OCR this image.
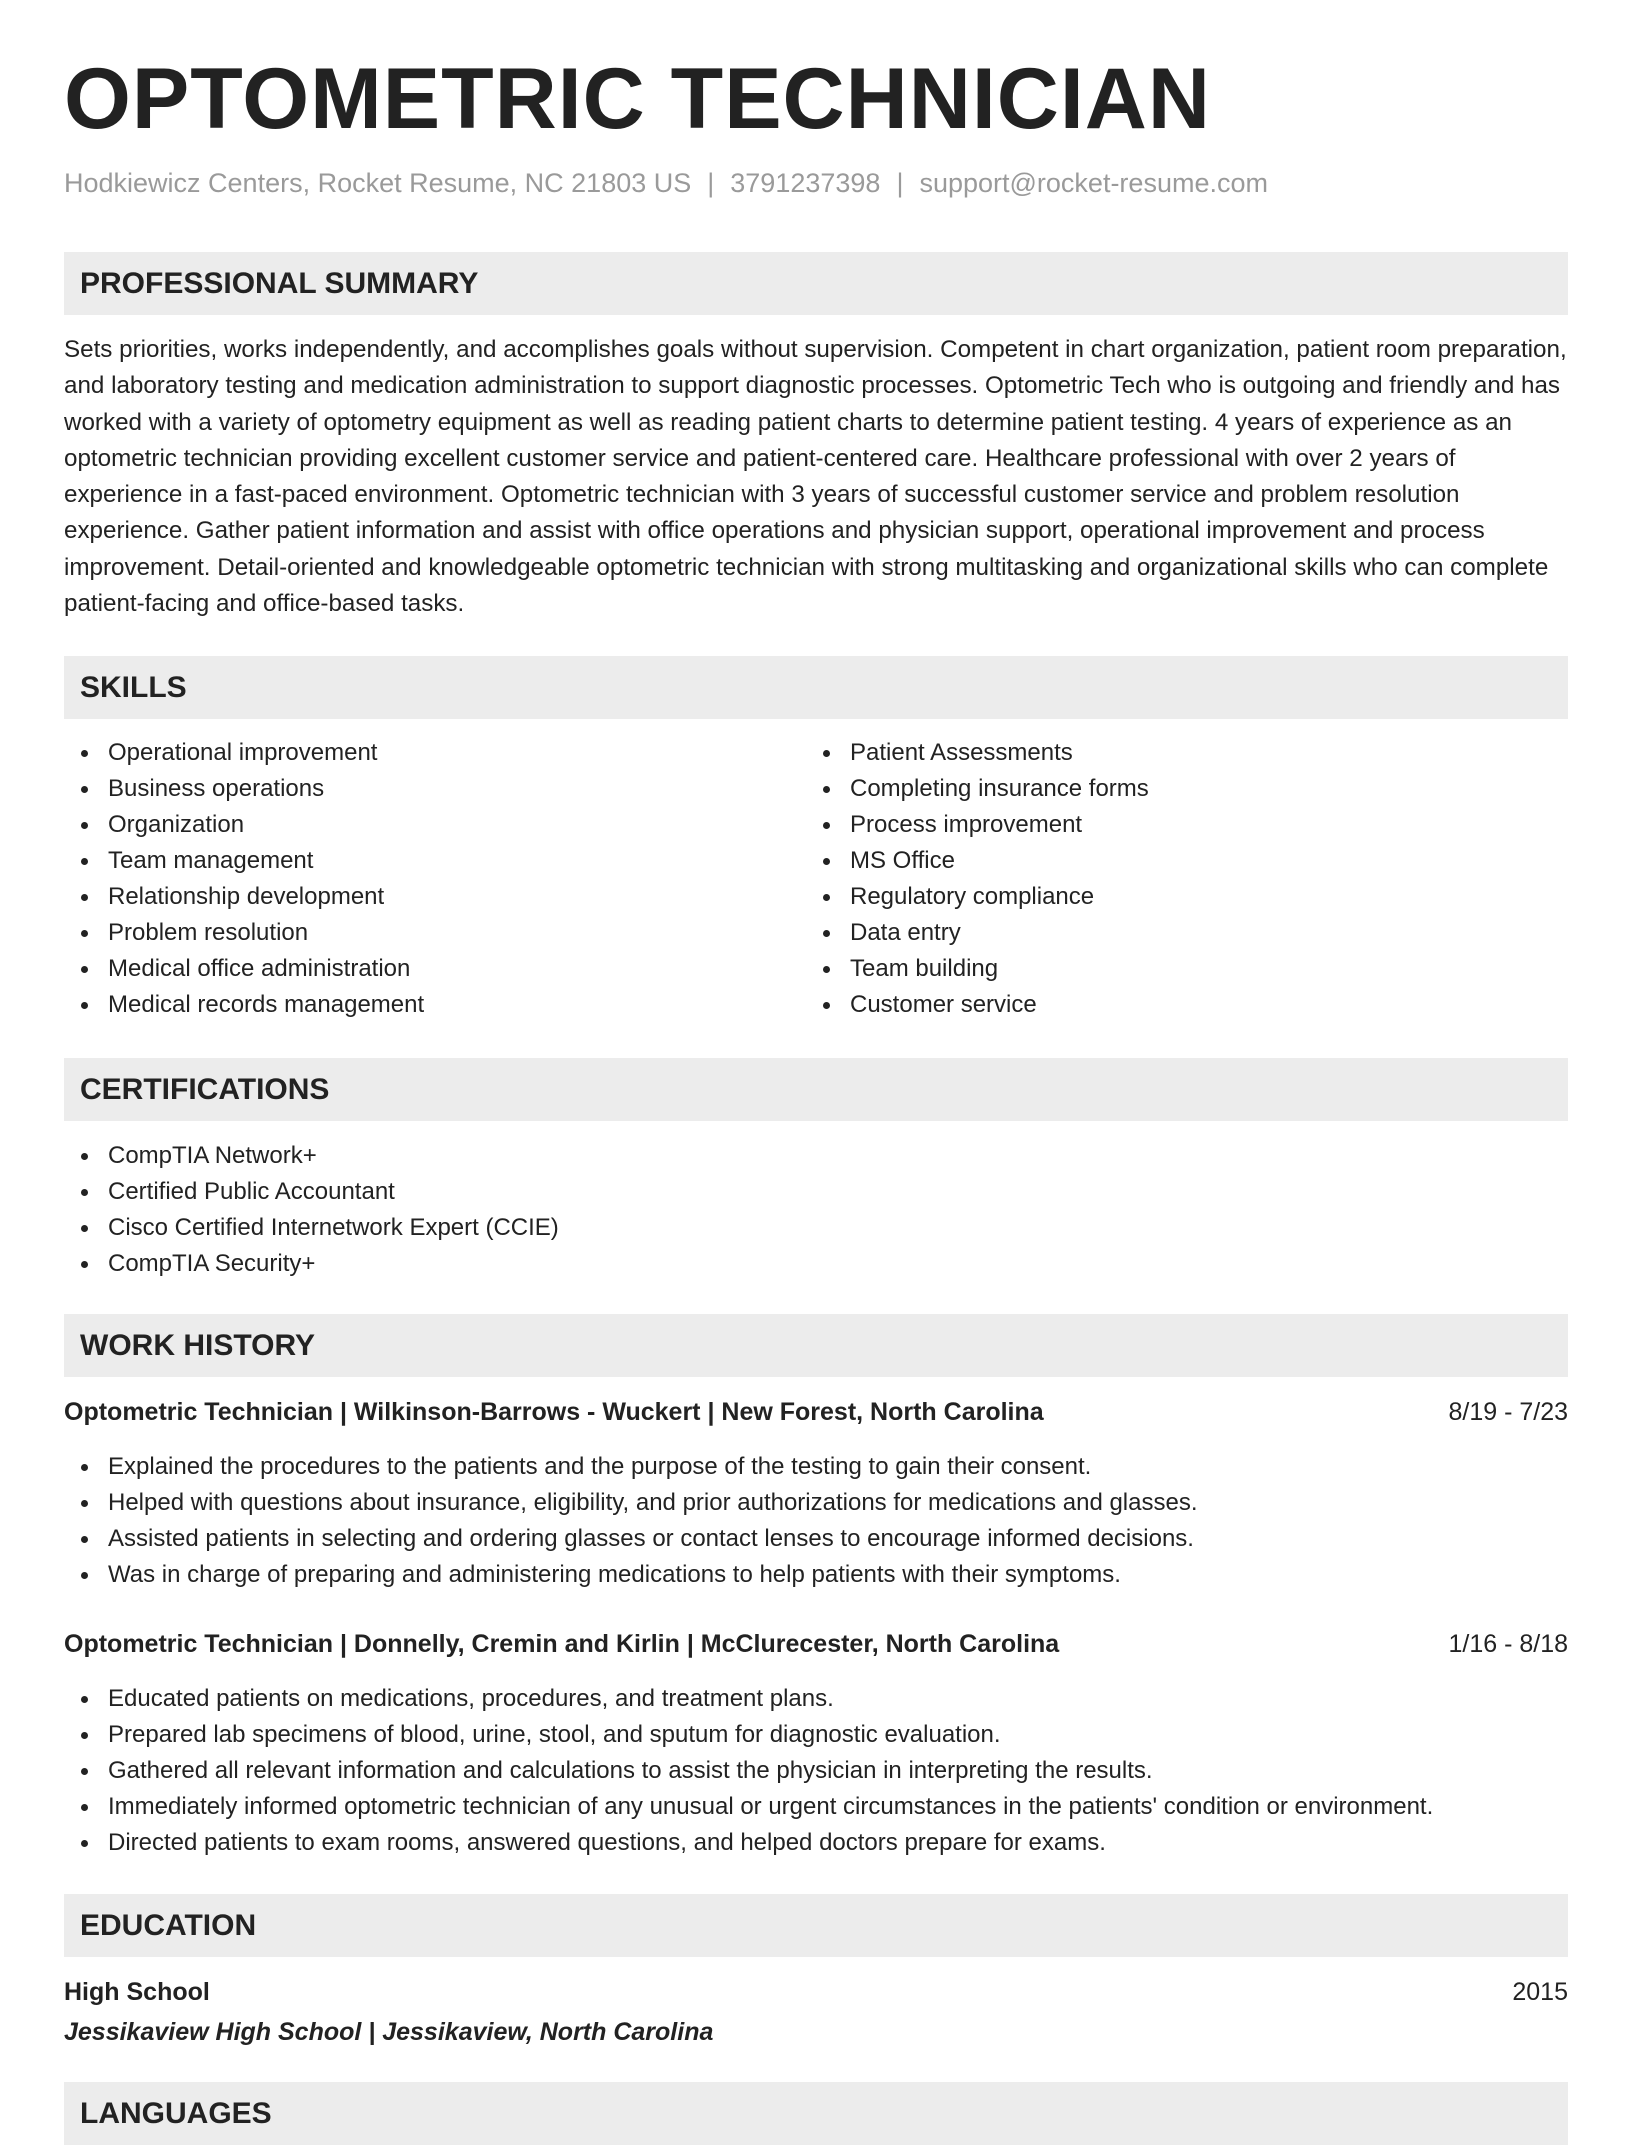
OPTOMETRIC TECHNICIAN
Hodkiewicz Centers, Rocket Resume, NC 21803 US | 3791237398 | support@rocket-resume.com
PROFESSIONAL SUMMARY
Sets priorities, works independently, and accomplishes goals without supervision. Competent in chart organization, patient room preparation, and laboratory testing and medication administration to support diagnostic processes. Optometric Tech who is outgoing and friendly and has worked with a variety of optometry equipment as well as reading patient charts to determine patient testing. 4 years of experience as an optometric technician providing excellent customer service and patient-centered care. Healthcare professional with over 2 years of experience in a fast-paced environment. Optometric technician with 3 years of successful customer service and problem resolution experience. Gather patient information and assist with office operations and physician support, operational improvement and process improvement. Detail-oriented and knowledgeable optometric technician with strong multitasking and organizational skills who can complete patient-facing and office-based tasks.
SKILLS
Operational improvement
Business operations
Organization
Team management
Relationship development
Problem resolution
Medical office administration
Medical records management
Patient Assessments
Completing insurance forms
Process improvement
MS Office
Regulatory compliance
Data entry
Team building
Customer service
CERTIFICATIONS
CompTIA Network+
Certified Public Accountant
Cisco Certified Internetwork Expert (CCIE)
CompTIA Security+
WORK HISTORY
Optometric Technician | Wilkinson-Barrows - Wuckert | New Forest, North Carolina	8/19 - 7/23
Explained the procedures to the patients and the purpose of the testing to gain their consent.
Helped with questions about insurance, eligibility, and prior authorizations for medications and glasses.
Assisted patients in selecting and ordering glasses or contact lenses to encourage informed decisions.
Was in charge of preparing and administering medications to help patients with their symptoms.
Optometric Technician | Donnelly, Cremin and Kirlin | McClurecester, North Carolina	1/16 - 8/18
Educated patients on medications, procedures, and treatment plans.
Prepared lab specimens of blood, urine, stool, and sputum for diagnostic evaluation.
Gathered all relevant information and calculations to assist the physician in interpreting the results.
Immediately informed optometric technician of any unusual or urgent circumstances in the patients' condition or environment.
Directed patients to exam rooms, answered questions, and helped doctors prepare for exams.
EDUCATION
High School	2015
Jessikaview High School | Jessikaview, North Carolina
LANGUAGES
